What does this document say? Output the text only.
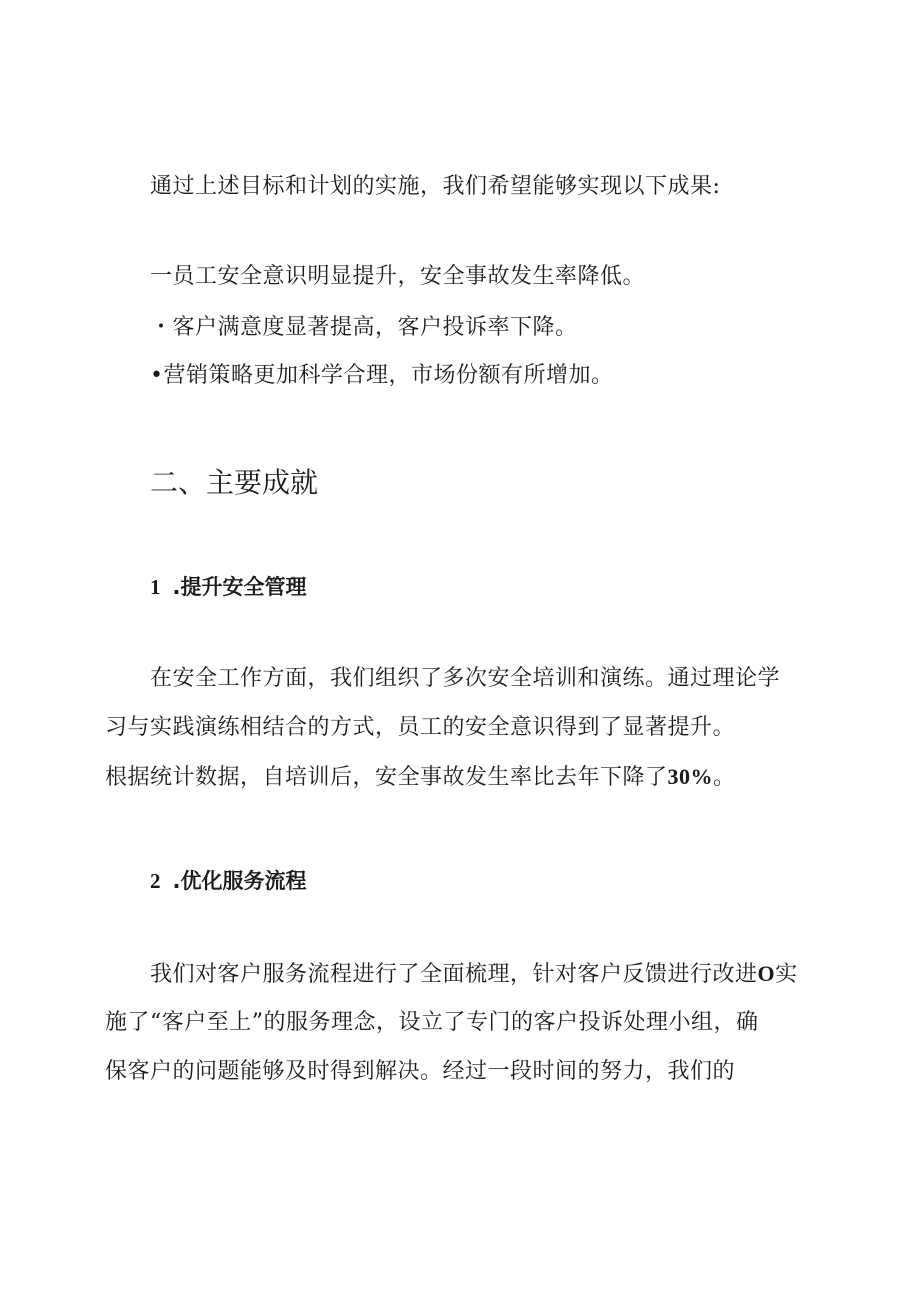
通过上述目标和计划的实施，我们希望能够实现以下成果:
一员工安全意识明显提升，安全事故发生率降低。
・客户满意度显著提高，客户投诉率下降。
•营销策略更加科学合理，市场份额有所增加。
二、主要成就
1 .提升安全管理
在安全工作方面，我们组织了多次安全培训和演练。通过理论学
习与实践演练相结合的方式，员工的安全意识得到了显著提升。
根据统计数据，自培训后，安全事故发生率比去年下降了30%。
2 .优化服务流程
我们对客户服务流程进行了全面梳理，针对客户反馈进行改进O实
施了“客户至上”的服务理念，设立了专门的客户投诉处理小组，确
保客户的问题能够及时得到解决。经过一段时间的努力，我们的
